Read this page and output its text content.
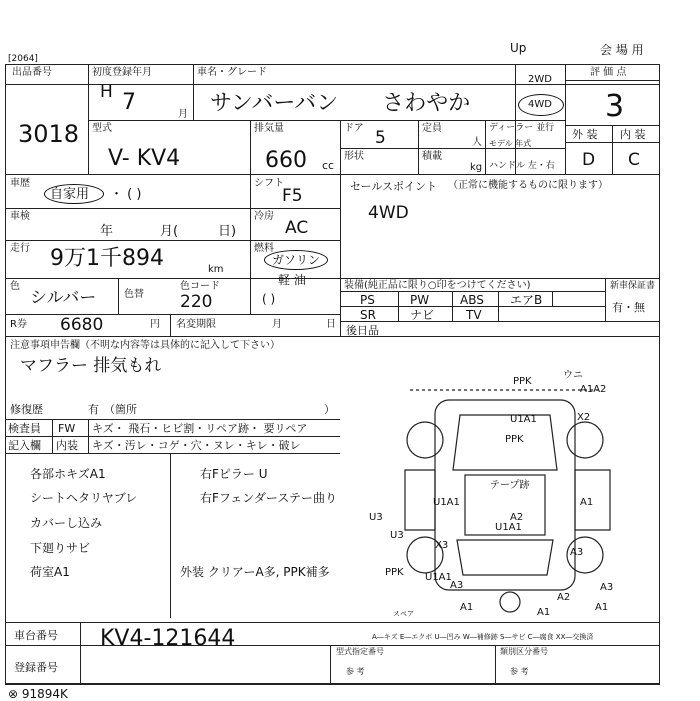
[2064]
Up	会 場 用
出品番号
3018
初度登録年月
H 7	月
車名・グレード
サンバーバン　　さわやか
2WD
4WD
評 価 点
3
外 装 内 装
D C
型式
V- KV4
排気量
660 cc
ドア 5	定員
人
形状	積載
kg
ディーラー 並行
モデル 年式
ハンドル 左・右
車歴
自家用 ・ ( )
シフト
F5
車検
年	月(	日)
冷房
AC
走行 9万1千894	km
燃料
ガソリン
軽 油
( )
色
シルバー	色替
色コード
220
R券 6680	円 名変期限	月	日
セールスポイント （正常に機能するものに限ります）
4WD
装備(純正品に限り○印をつけてください)
PS	PW	ABS エアB
SR	ナビ	TV
後日品
新車保証書
有・無
注意事項申告欄（不明な内容等は具体的に記入して下さい）
マフラー 排気もれ
修復歴	有 （箇所	）
検査員 FW キズ・ 飛石・ヒビ割・リペア跡・ 要リペア
記入欄 内装 キズ・汚レ・コゲ・穴・ヌレ・キレ・破レ
各部ホキズA1
シートヘタリヤブレ
カバーし込み
下廻りサビ
荷室A1
右Fピラー U
右Fフェンダーステー曲り
外装 クリアーA多, PPK補多
PPK
ウニ
A1A2
U1A1
PPK
X2
U1A1
テープ跡
A1
U1A1
A2
U3
X3
A3
U3
U1A1
A3
PPK
A1	A1	A1
A2
A3
スペア
A―キズ E―エクボ U―凹み W―補修跡 S―サビ C―腐食 XX―交換済
車台番号 KV4-121644
登録番号
型式指定番号
参 考
類別区分番号
参 考
⊗ 91894K
